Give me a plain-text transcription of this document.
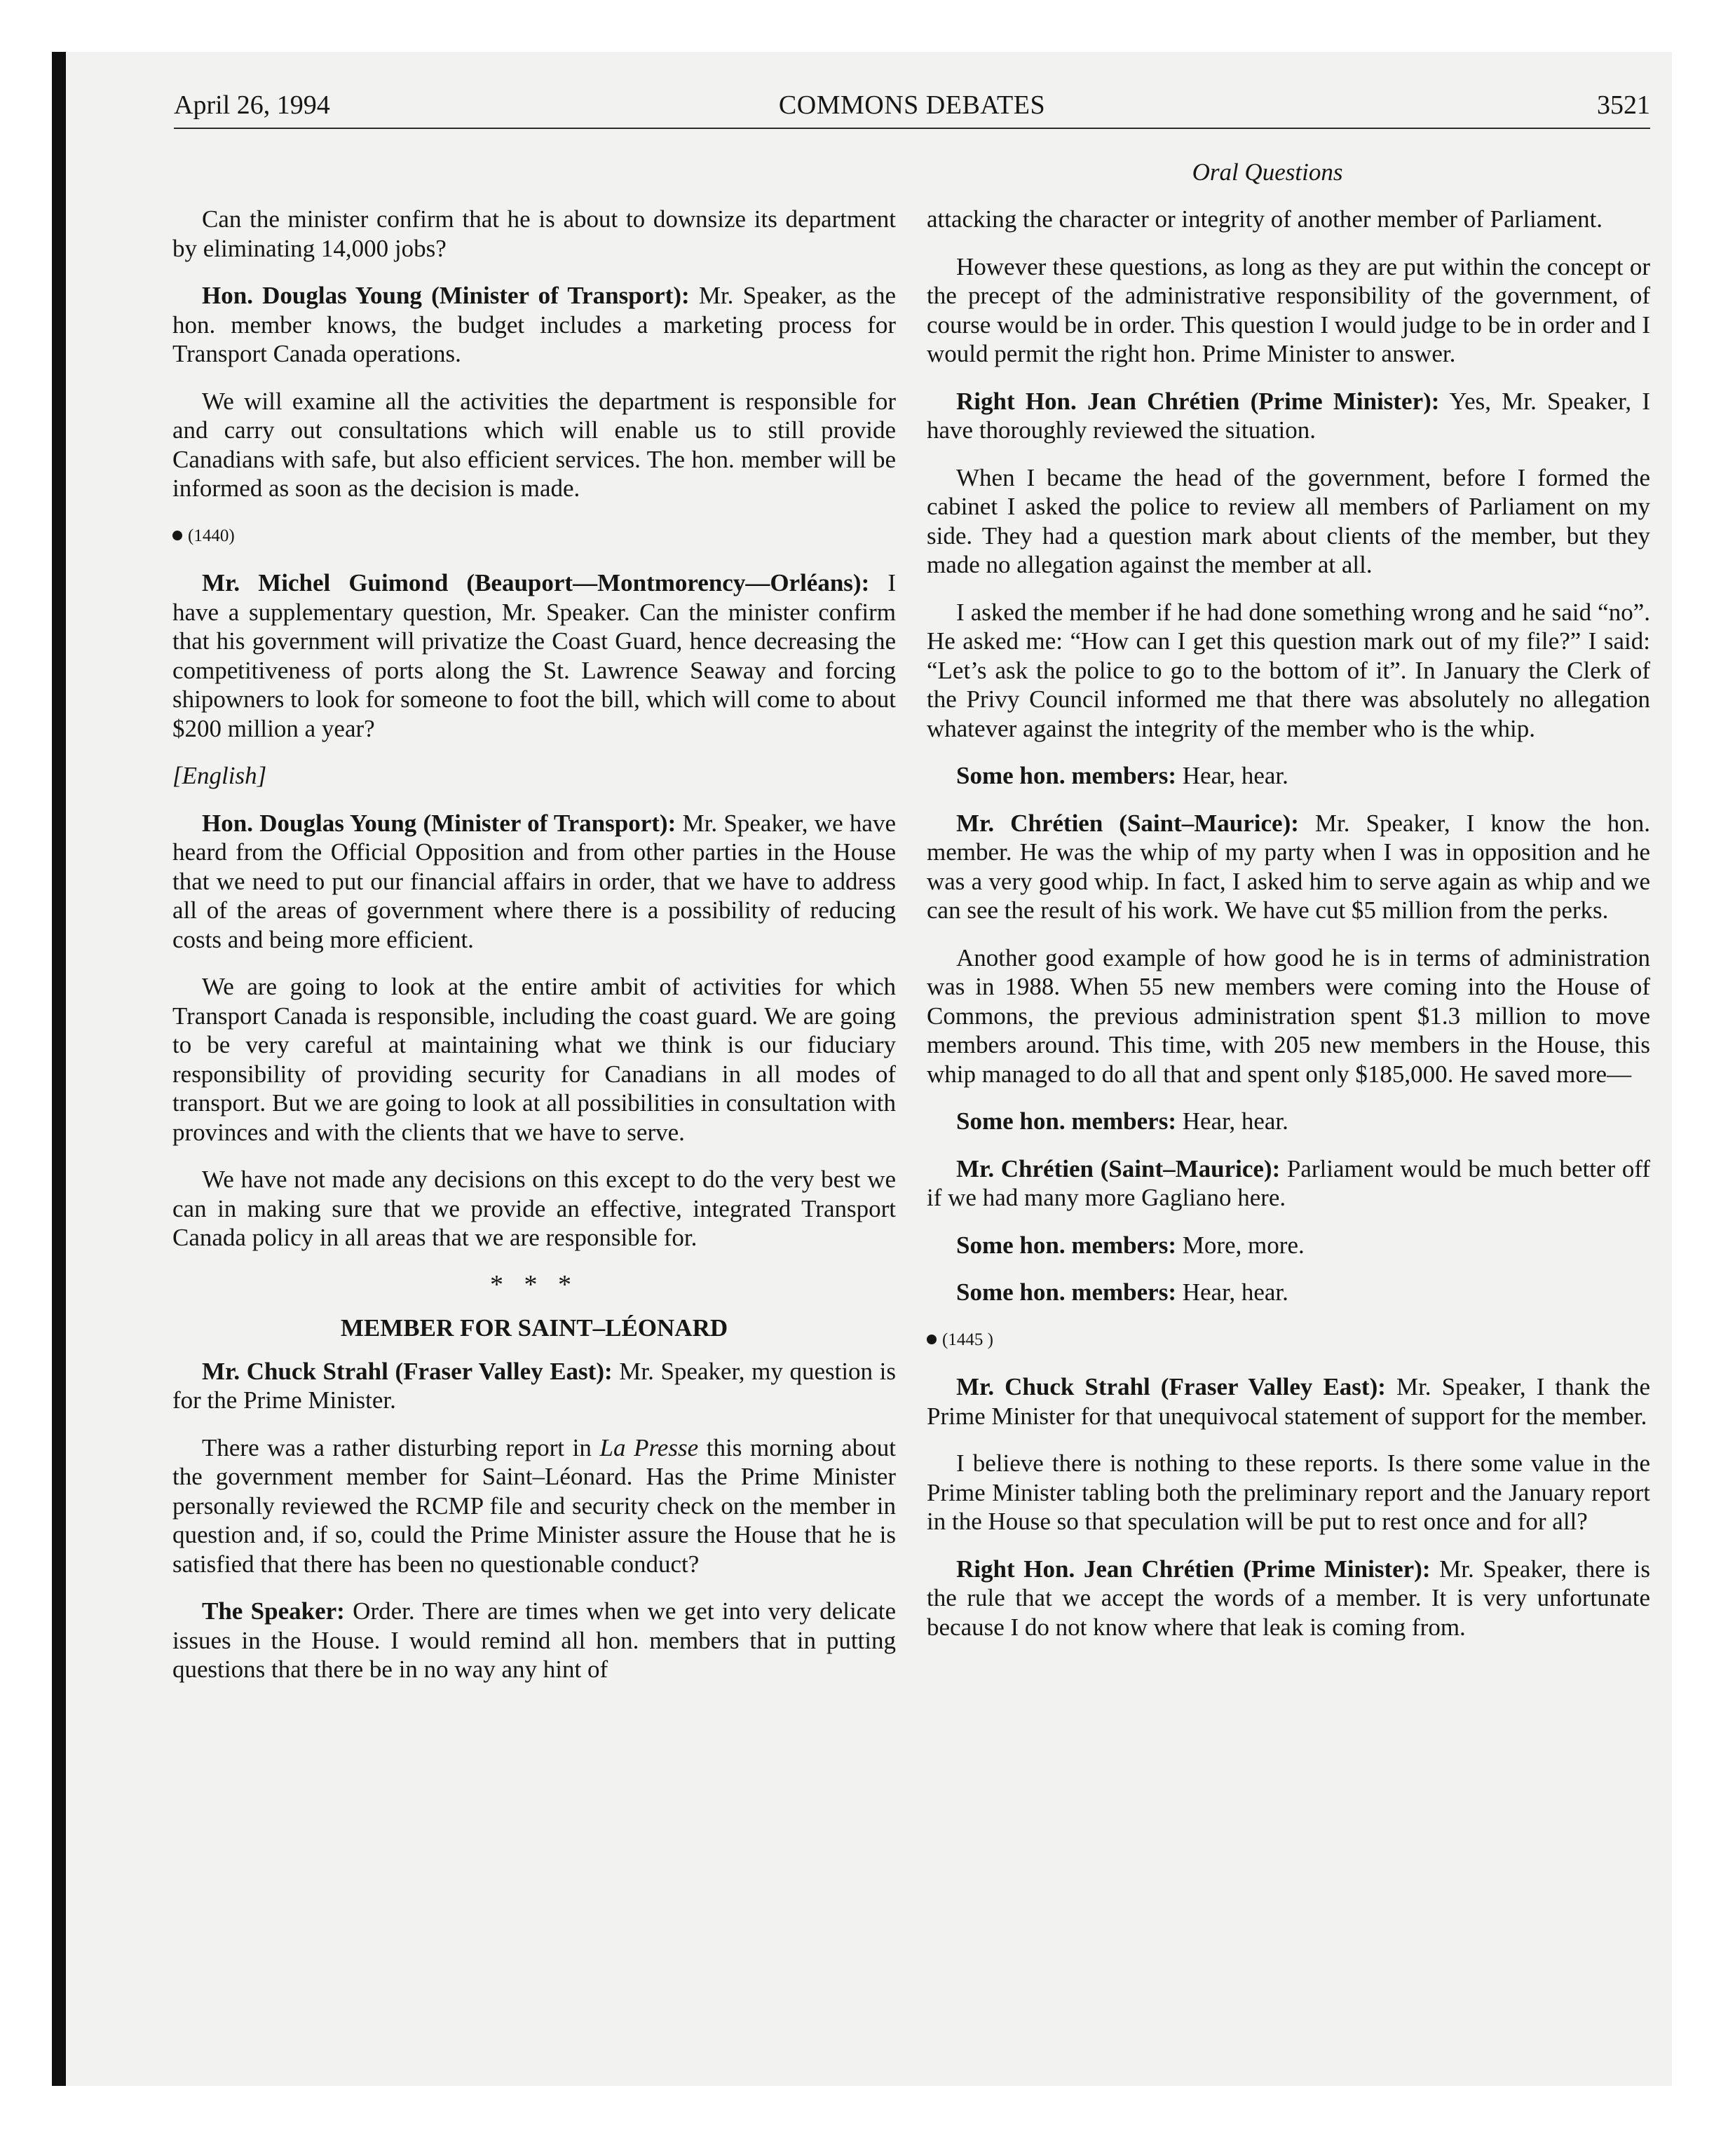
April 26, 1994	COMMONS DEBATES	3521
Oral Questions

Can the minister confirm that he is about to downsize its department by eliminating 14,000 jobs?

Hon. Douglas Young (Minister of Transport): Mr. Speaker, as the hon. member knows, the budget includes a marketing process for Transport Canada operations.

We will examine all the activities the department is responsible for and carry out consultations which will enable us to still provide Canadians with safe, but also efficient services. The hon. member will be informed as soon as the decision is made.

(1440)

Mr. Michel Guimond (Beauport—Montmorency—Orléans): I have a supplementary question, Mr. Speaker. Can the minister confirm that his government will privatize the Coast Guard, hence decreasing the competitiveness of ports along the St. Lawrence Seaway and forcing shipowners to look for someone to foot the bill, which will come to about $200 million a year?

[English]

Hon. Douglas Young (Minister of Transport): Mr. Speaker, we have heard from the Official Opposition and from other parties in the House that we need to put our financial affairs in order, that we have to address all of the areas of government where there is a possibility of reducing costs and being more efficient.

We are going to look at the entire ambit of activities for which Transport Canada is responsible, including the coast guard. We are going to be very careful at maintaining what we think is our fiduciary responsibility of providing security for Canadians in all modes of transport. But we are going to look at all possibilities in consultation with provinces and with the clients that we have to serve.

We have not made any decisions on this except to do the very best we can in making sure that we provide an effective, integrated Transport Canada policy in all areas that we are responsible for.

* * *
MEMBER FOR SAINT–LÉONARD

Mr. Chuck Strahl (Fraser Valley East): Mr. Speaker, my question is for the Prime Minister.

There was a rather disturbing report in La Presse this morning about the government member for Saint–Léonard. Has the Prime Minister personally reviewed the RCMP file and security check on the member in question and, if so, could the Prime Minister assure the House that he is satisfied that there has been no questionable conduct?

The Speaker: Order. There are times when we get into very delicate issues in the House. I would remind all hon. members that in putting questions that there be in no way any hint of

attacking the character or integrity of another member of Parliament.

However these questions, as long as they are put within the concept or the precept of the administrative responsibility of the government, of course would be in order. This question I would judge to be in order and I would permit the right hon. Prime Minister to answer.

Right Hon. Jean Chrétien (Prime Minister): Yes, Mr. Speaker, I have thoroughly reviewed the situation.

When I became the head of the government, before I formed the cabinet I asked the police to review all members of Parliament on my side. They had a question mark about clients of the member, but they made no allegation against the member at all.

I asked the member if he had done something wrong and he said “no”. He asked me: “How can I get this question mark out of my file?” I said: “Let’s ask the police to go to the bottom of it”. In January the Clerk of the Privy Council informed me that there was absolutely no allegation whatever against the integrity of the member who is the whip.

Some hon. members: Hear, hear.

Mr. Chrétien (Saint–Maurice): Mr. Speaker, I know the hon. member. He was the whip of my party when I was in opposition and he was a very good whip. In fact, I asked him to serve again as whip and we can see the result of his work. We have cut $5 million from the perks.

Another good example of how good he is in terms of administration was in 1988. When 55 new members were coming into the House of Commons, the previous administration spent $1.3 million to move members around. This time, with 205 new members in the House, this whip managed to do all that and spent only $185,000. He saved more—

Some hon. members: Hear, hear.

Mr. Chrétien (Saint–Maurice): Parliament would be much better off if we had many more Gagliano here.

Some hon. members: More, more.

Some hon. members: Hear, hear.

(1445 )

Mr. Chuck Strahl (Fraser Valley East): Mr. Speaker, I thank the Prime Minister for that unequivocal statement of support for the member.

I believe there is nothing to these reports. Is there some value in the Prime Minister tabling both the preliminary report and the January report in the House so that speculation will be put to rest once and for all?

Right Hon. Jean Chrétien (Prime Minister): Mr. Speaker, there is the rule that we accept the words of a member. It is very unfortunate because I do not know where that leak is coming from.
